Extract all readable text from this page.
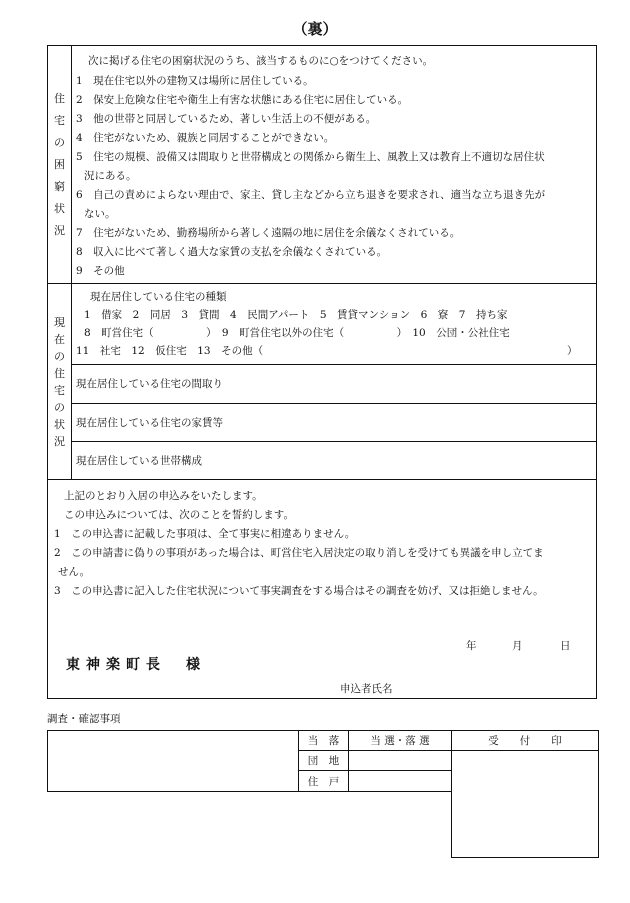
（裏）
住
宅
の
困
窮
状
況
次に掲げる住宅の困窮状況のうち、該当するものに○をつけてください。
1　現在住宅以外の建物又は場所に居住している。
2　保安上危険な住宅や衛生上有害な状態にある住宅に居住している。
3　他の世帯と同居しているため、著しい生活上の不便がある。
4　住宅がないため、親族と同居することができない。
5　住宅の規模、設備又は間取りと世帯構成との関係から衛生上、風教上又は教育上不適切な居住状
況にある。
6　自己の責めによらない理由で、家主、貸し主などから立ち退きを要求され、適当な立ち退き先が
ない。
7　住宅がないため、勤務場所から著しく遠隔の地に居住を余儀なくされている。
8　収入に比べて著しく過大な家賃の支払を余儀なくされている。
9　その他
現
在
の
住
宅
の
状
況
現在居住している住宅の種類
1　借家　2　同居　3　貸間　4　民間アパート　5　賃貸マンション　6　寮　7　持ち家
8　町営住宅（　　　　　）　9　町営住宅以外の住宅（　　　　　）　10　公団・公社住宅
11　社宅　12　仮住宅　13　その他（	）
現在居住している住宅の間取り
現在居住している住宅の家賃等
現在居住している世帯構成
上記のとおり入居の申込みをいたします。
この申込みについては、次のことを誓約します。
1　この申込書に記載した事項は、全て事実に相違ありません。
2　この申請書に偽りの事項があった場合は、町営住宅入居決定の取り消しを受けても異議を申し立てま
せん。
3　この申込書に記入した住宅状況について事実調査をする場合はその調査を妨げ、又は拒絶しません。
年	月	日
東神楽町長　様
申込者氏名
調査・確認事項
当　落	当 選・落 選	受　　付　　印
団　地
住　戸
